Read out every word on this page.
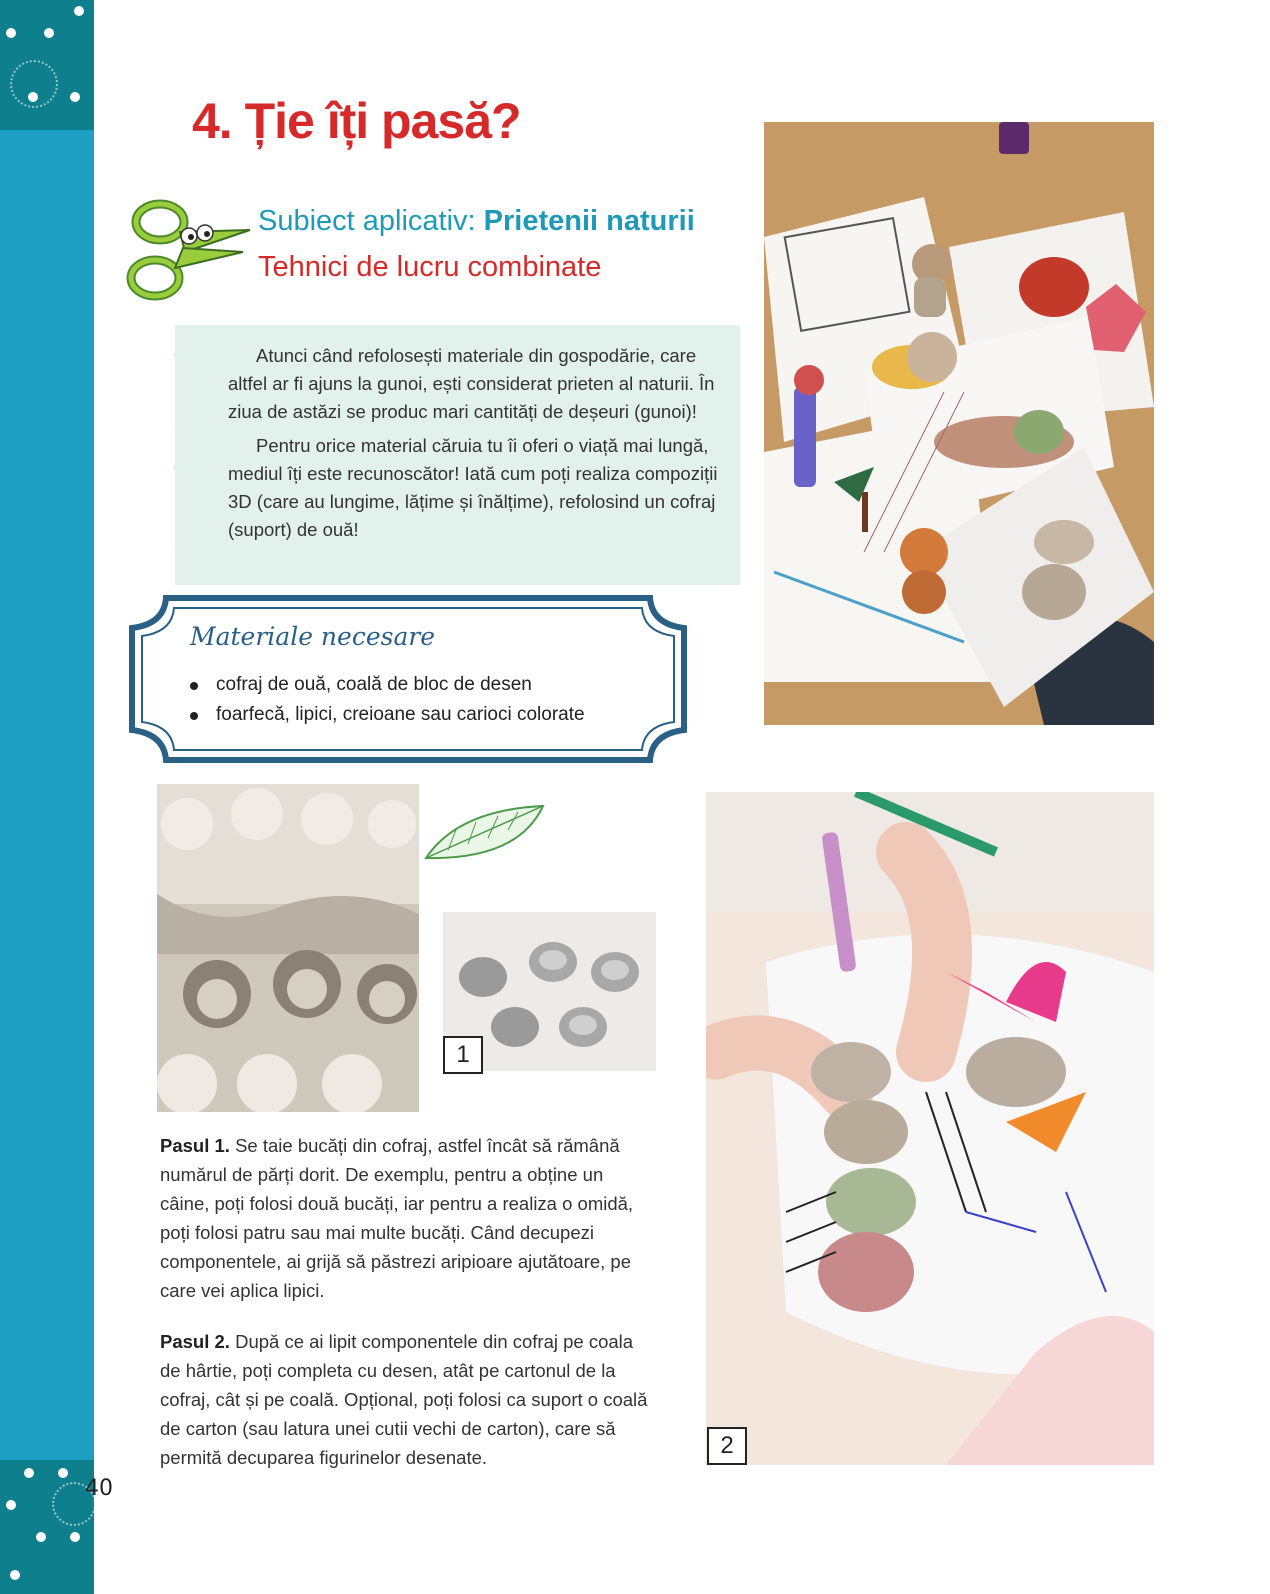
4. Ție îți pasă?
Subiect aplicativ: Prietenii naturii
Tehnici de lucru combinate

Atunci când refolosești materiale din gospodărie, care altfel ar fi ajuns la gunoi, ești considerat prieten al naturii. În ziua de astăzi se produc mari cantități de deșeuri (gunoi)!

Pentru orice material căruia tu îi oferi o viață mai lungă, mediul îți este recunoscător! Iată cum poți realiza compoziții 3D (care au lungime, lățime și înălțime), refolosind un cofraj (suport) de ouă!

Materiale necesare
cofraj de ouă, coală de bloc de desen
foarfecă, lipici, creioane sau carioci colorate
1
2

Pasul 1. Se taie bucăți din cofraj, astfel încât să rămână numărul de părți dorit. De exemplu, pentru a obține un câine, poți folosi două bucăți, iar pentru a realiza o omidă, poți folosi patru sau mai multe bucăți. Când decupezi componentele, ai grijă să păstrezi aripioare ajutătoare, pe care vei aplica lipici.

Pasul 2. După ce ai lipit componentele din cofraj pe coala de hârtie, poți completa cu desen, atât pe cartonul de la cofraj, cât și pe coală. Opțional, poți folosi ca suport o coală de carton (sau latura unei cutii vechi de carton), care să permită decuparea figurinelor desenate.

40
